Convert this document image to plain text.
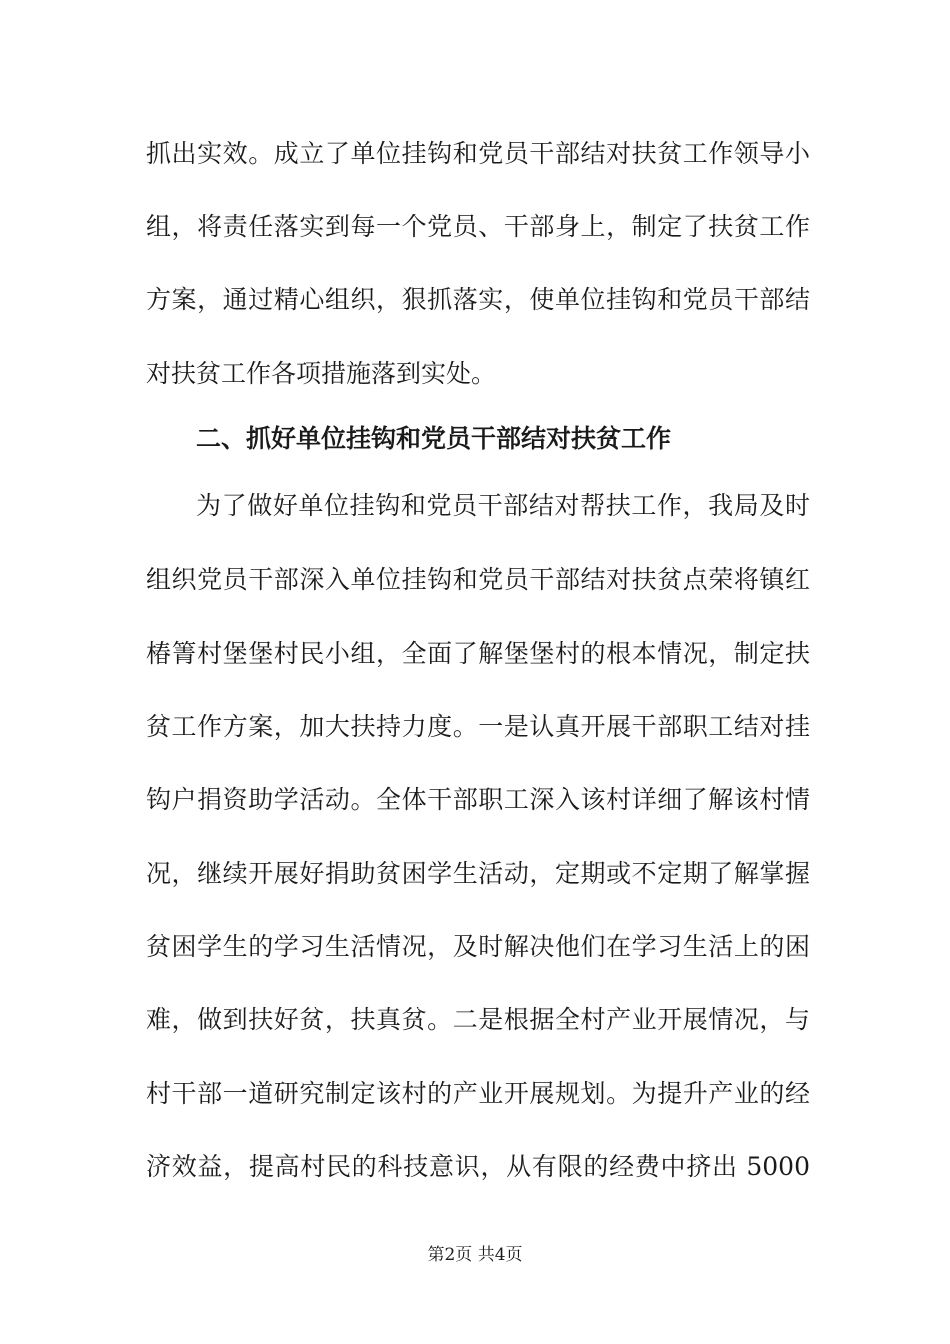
抓出实效。成立了单位挂钩和党员干部结对扶贫工作领导小
组，将责任落实到每一个党员、干部身上，制定了扶贫工作
方案，通过精心组织，狠抓落实，使单位挂钩和党员干部结
对扶贫工作各项措施落到实处。
二、抓好单位挂钩和党员干部结对扶贫工作
为了做好单位挂钩和党员干部结对帮扶工作，我局及时
组织党员干部深入单位挂钩和党员干部结对扶贫点荣将镇红
椿箐村堡堡村民小组，全面了解堡堡村的根本情况，制定扶
贫工作方案，加大扶持力度。一是认真开展干部职工结对挂
钩户捐资助学活动。全体干部职工深入该村详细了解该村情
况，继续开展好捐助贫困学生活动，定期或不定期了解掌握
贫困学生的学习生活情况，及时解决他们在学习生活上的困
难，做到扶好贫，扶真贫。二是根据全村产业开展情况，与
村干部一道研究制定该村的产业开展规划。为提升产业的经
济效益，提高村民的科技意识，从有限的经费中挤出 5000
第2页 共4页
